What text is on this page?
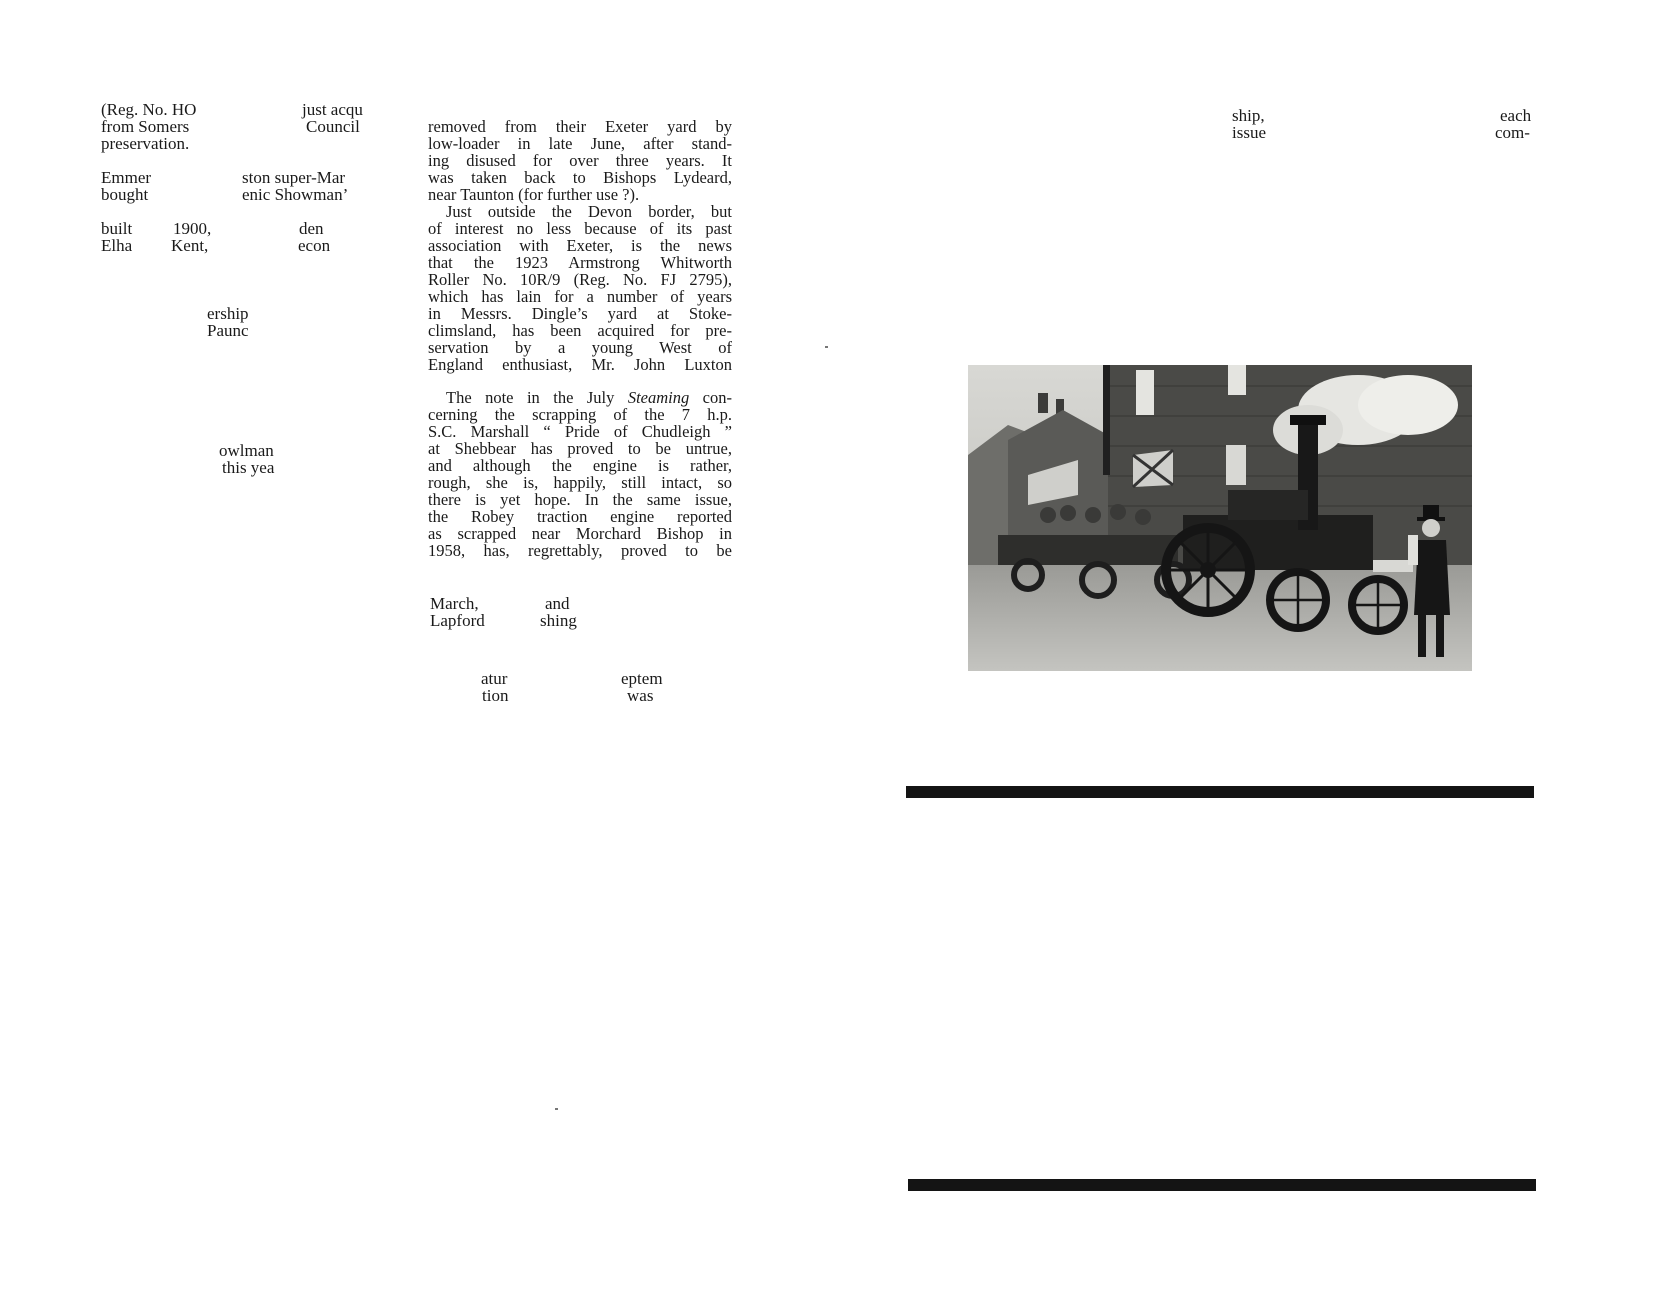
(Reg. No. HO	just acqu
from Somers	Council
preservation.
Emmer	ston super-Mar
bought	enic Showman’
built 1900,	den
Elha Kent,	econ
ership
Paunc
owlman
this yea
removed from their Exeter yard by
low-loader in late June, after stand-
ing disused for over three years. It
was taken back to Bishops Lydeard,
near Taunton (for further use ?).
Just outside the Devon border, but
of interest no less because of its past
association with Exeter, is the news
that the 1923 Armstrong Whitworth
Roller No. 10R/9 (Reg. No. FJ 2795),
which has lain for a number of years
in Messrs. Dingle’s yard at Stoke-
climsland, has been acquired for pre-
servation by a young West of
England enthusiast, Mr. John Luxton
The note in the July Steaming con-
cerning the scrapping of the 7 h.p.
S.C. Marshall “ Pride of Chudleigh ”
at Shebbear has proved to be untrue,
and although the engine is rather,
rough, she is, happily, still intact, so
there is yet hope. In the same issue,
the Robey traction engine reported
as scrapped near Morchard Bishop in
1958, has, regrettably, proved to be
March,	and
Lapford	shing
atur	eptem
tion	was
ship,	each
issue	com-
